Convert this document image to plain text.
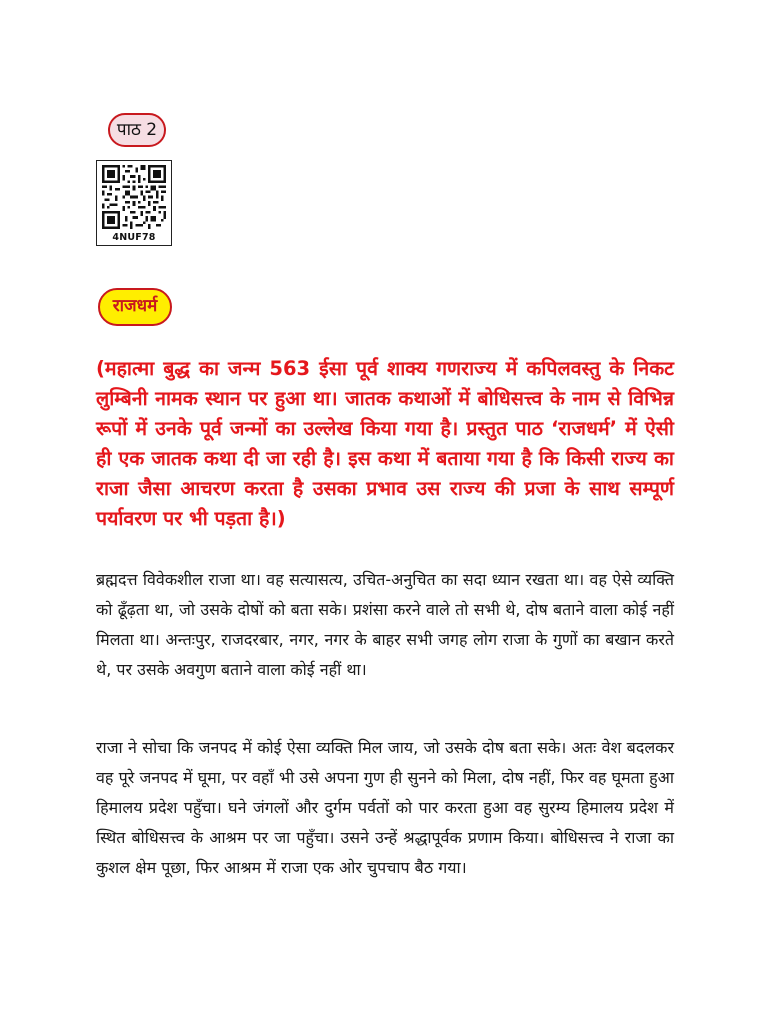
पाठ 2
4NUF78
राजधर्म

(महात्मा बुद्ध का जन्म 563 ईसा पूर्व शाक्य गणराज्य में कपिलवस्तु के निकट लुम्बिनी नामक स्थान पर हुआ था। जातक कथाओं में बोधिसत्त्व के नाम से विभिन्न रूपों में उनके पूर्व जन्मों का उल्लेख किया गया है। प्रस्तुत पाठ ‘राजधर्म’ में ऐसी ही एक जातक कथा दी जा रही है। इस कथा में बताया गया है कि किसी राज्य का राजा जैसा आचरण करता है उसका प्रभाव उस राज्य की प्रजा के साथ सम्पूर्ण पर्यावरण पर भी पड़ता है।)

ब्रह्मदत्त विवेकशील राजा था। वह सत्यासत्य, उचित-अनुचित का सदा ध्यान रखता था। वह ऐसे व्यक्ति को ढूँढ़ता था, जो उसके दोषों को बता सके। प्रशंसा करने वाले तो सभी थे, दोष बताने वाला कोई नहीं मिलता था। अन्तःपुर, राजदरबार, नगर, नगर के बाहर सभी जगह लोग राजा के गुणों का बखान करते थे, पर उसके अवगुण बताने वाला कोई नहीं था।

राजा ने सोचा कि जनपद में कोई ऐसा व्यक्ति मिल जाय, जो उसके दोष बता सके। अतः वेश बदलकर वह पूरे जनपद में घूमा, पर वहाँ भी उसे अपना गुण ही सुनने को मिला, दोष नहीं, फिर वह घूमता हुआ हिमालय प्रदेश पहुँचा। घने जंगलों और दुर्गम पर्वतों को पार करता हुआ वह सुरम्य हिमालय प्रदेश में स्थित बोधिसत्त्व के आश्रम पर जा पहुँचा। उसने उन्हें श्रद्धापूर्वक प्रणाम किया। बोधिसत्त्व ने राजा का कुशल क्षेम पूछा, फिर आश्रम में राजा एक ओर चुपचाप बैठ गया।
